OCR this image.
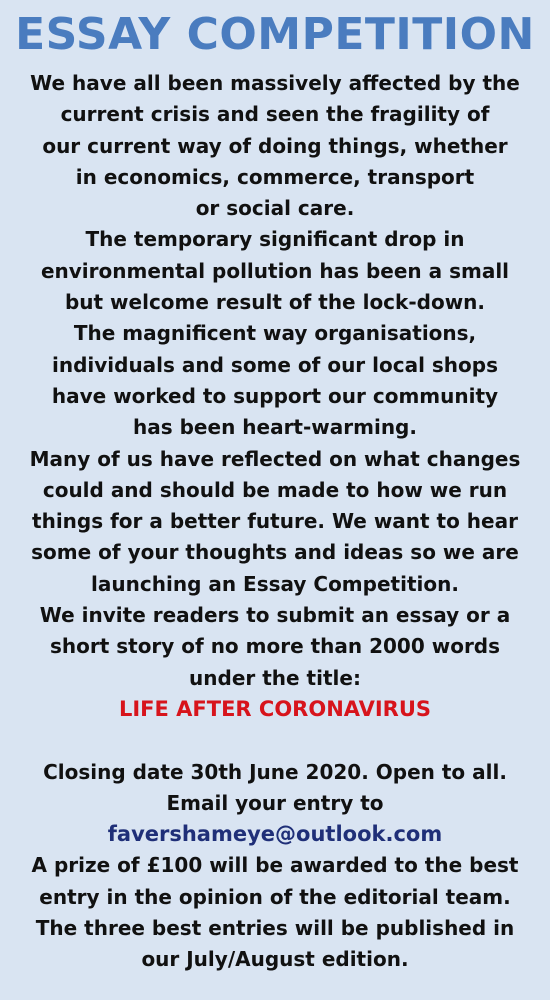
ESSAY COMPETITION
We have all been massively affected by the
current crisis and seen the fragility of
our current way of doing things, whether
in economics, commerce, transport
or social care.
The temporary significant drop in
environmental pollution has been a small
but welcome result of the lock-down.
The magnificent way organisations,
individuals and some of our local shops
have worked to support our community
has been heart-warming.
Many of us have reflected on what changes
could and should be made to how we run
things for a better future. We want to hear
some of your thoughts and ideas so we are
launching an Essay Competition.
We invite readers to submit an essay or a
short story of no more than 2000 words
under the title:
LIFE AFTER CORONAVIRUS
Closing date 30th June 2020. Open to all.
Email your entry to
favershameye@outlook.com
A prize of £100 will be awarded to the best
entry in the opinion of the editorial team.
The three best entries will be published in
our July/August edition.
